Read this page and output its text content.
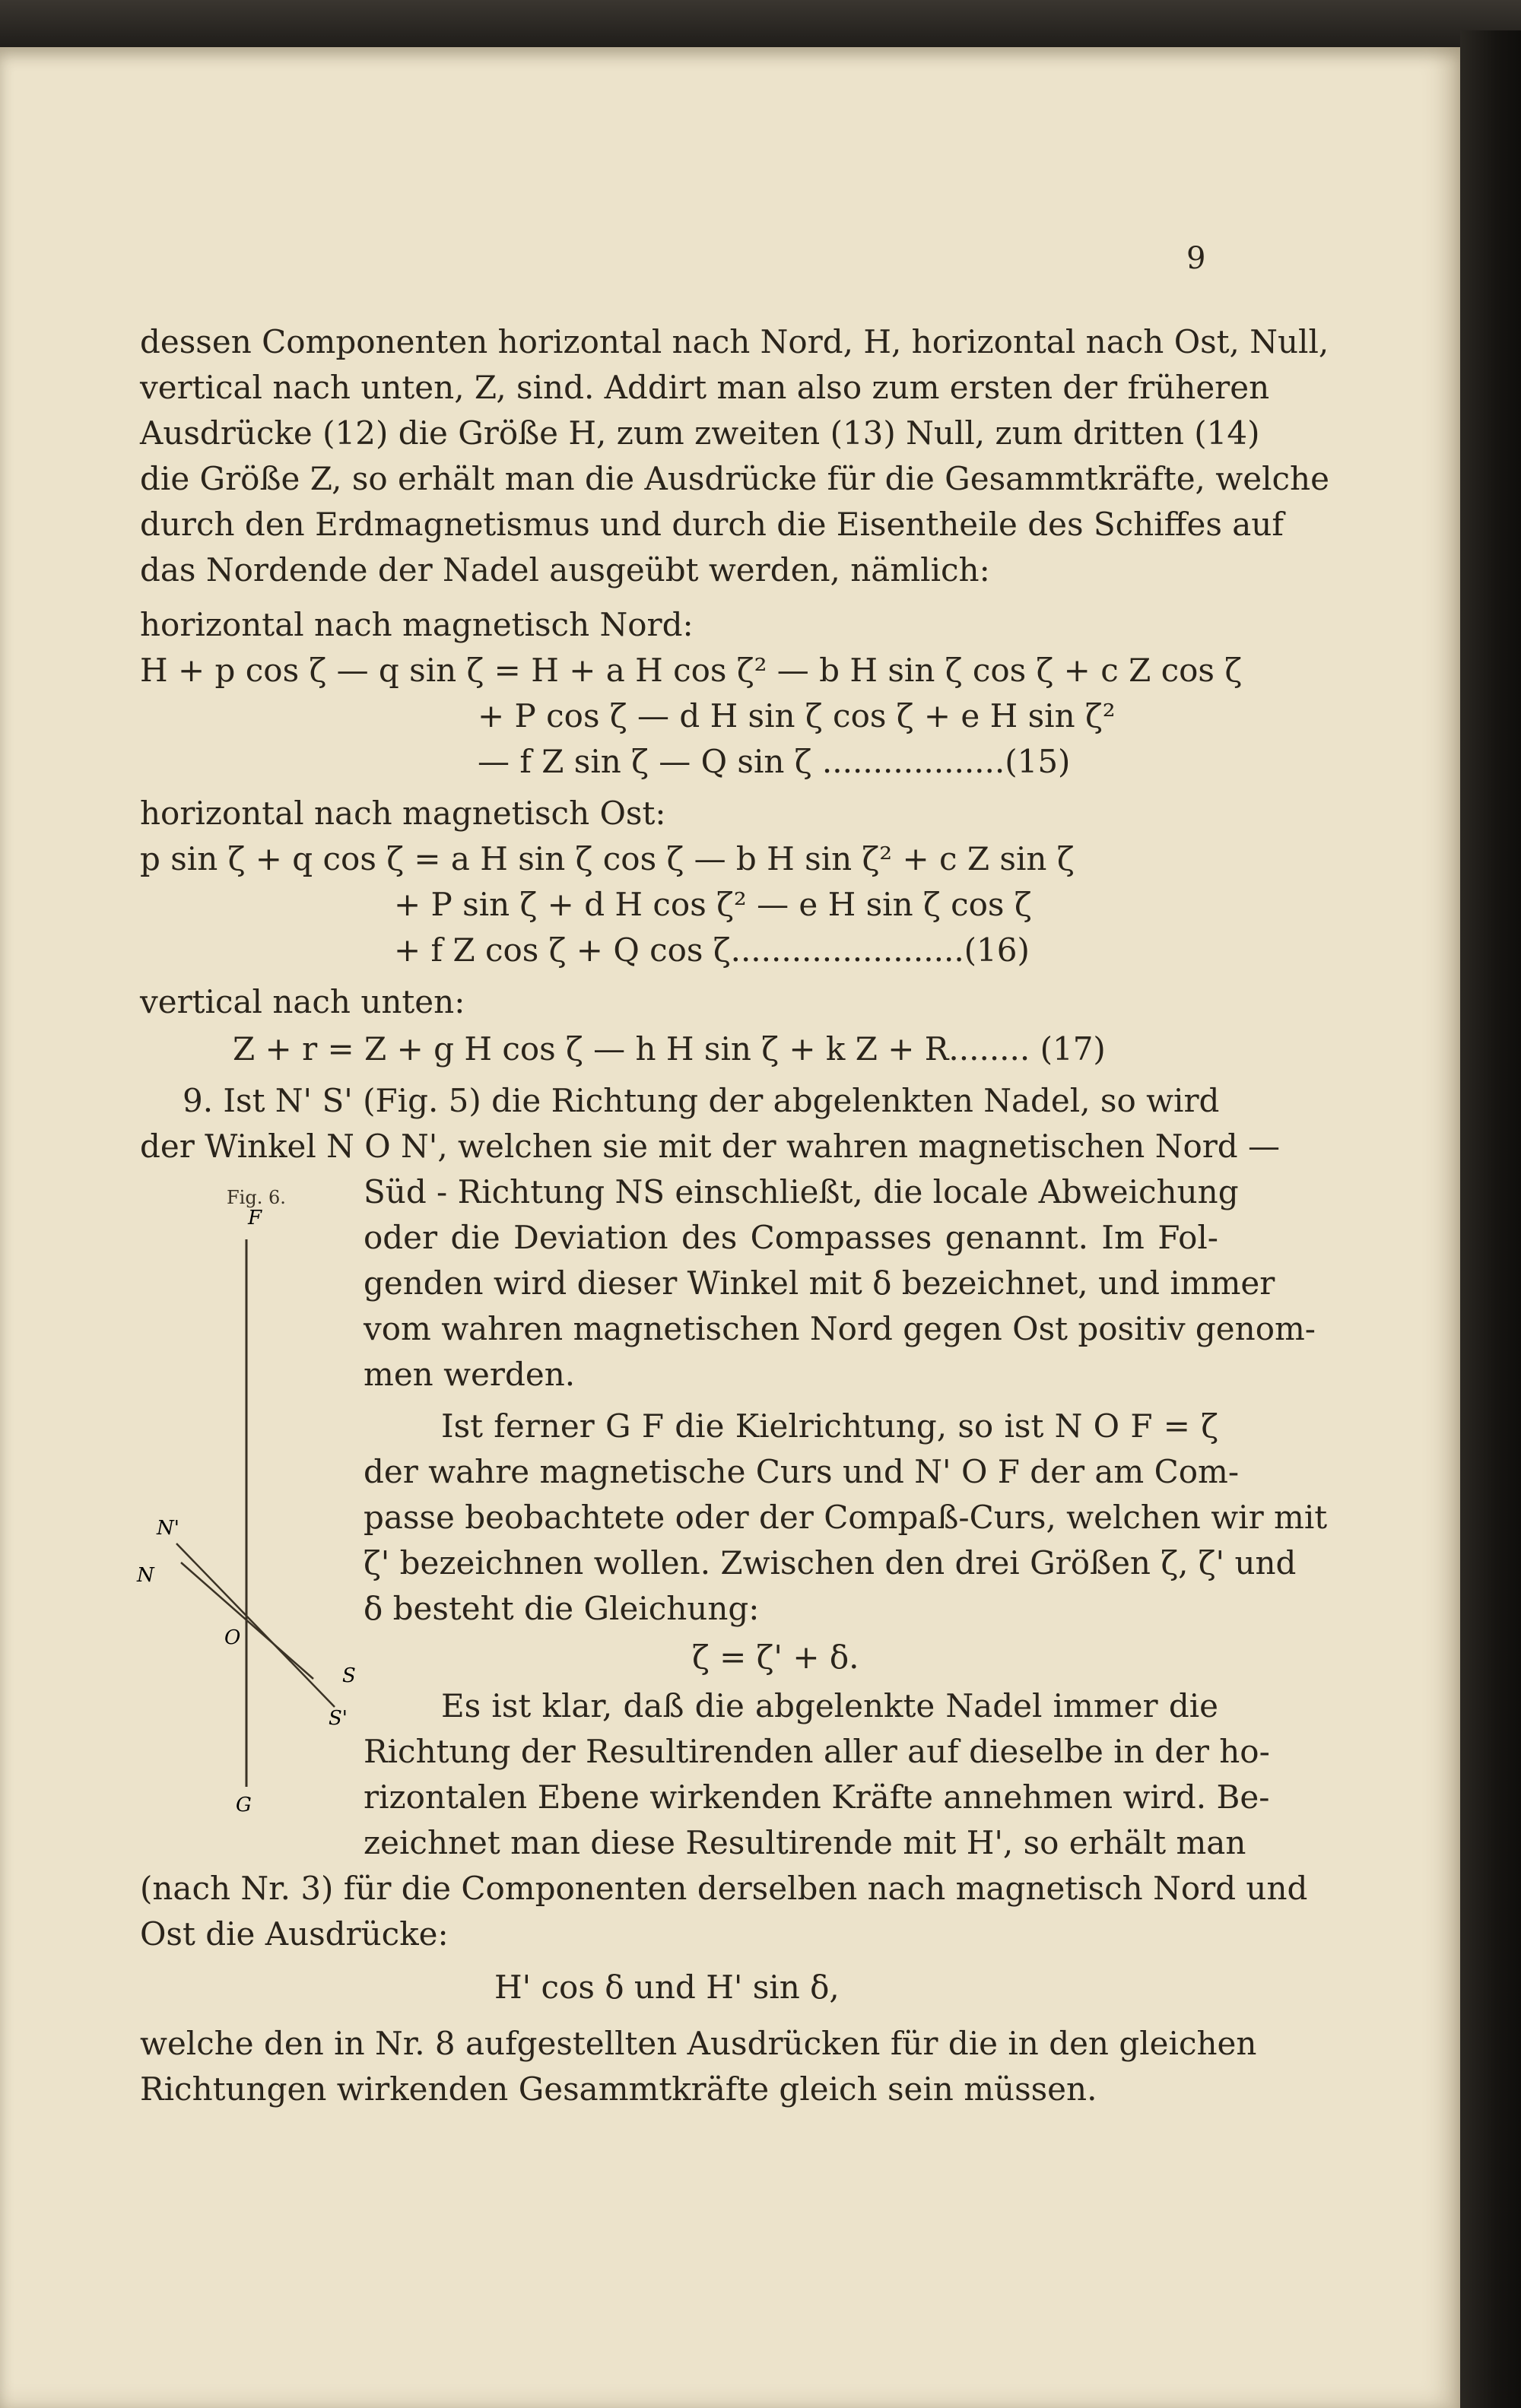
9
dessen Componenten horizontal nach Nord, H, horizontal nach Ost, Null,
vertical nach unten, Z, sind. Addirt man also zum ersten der früheren
Ausdrücke (12) die Größe H, zum zweiten (13) Null, zum dritten (14)
die Größe Z, so erhält man die Ausdrücke für die Gesammtkräfte, welche
durch den Erdmagnetismus und durch die Eisentheile des Schiffes auf
das Nordende der Nadel ausgeübt werden, nämlich:
horizontal nach magnetisch Nord:
H + p cos ζ — q sin ζ = H + a H cos ζ² — b H sin ζ cos ζ + c Z cos ζ
+ P cos ζ — d H sin ζ cos ζ + e H sin ζ²
— f Z sin ζ — Q sin ζ ..................(15)
horizontal nach magnetisch Ost:
p sin ζ + q cos ζ = a H sin ζ cos ζ — b H sin ζ² + c Z sin ζ
+ P sin ζ + d H cos ζ² — e H sin ζ cos ζ
+ f Z cos ζ + Q cos ζ.......................(16)
vertical nach unten:
Z + r = Z + g H cos ζ — h H sin ζ + k Z + R........ (17)
9. Ist N' S' (Fig. 5) die Richtung der abgelenkten Nadel, so wird
der Winkel N O N', welchen sie mit der wahren magnetischen Nord —
Süd - Richtung NS einschließt, die locale Abweichung
oder die Deviation des Compasses genannt. Im Fol-
genden wird dieser Winkel mit δ bezeichnet, und immer
vom wahren magnetischen Nord gegen Ost positiv genom-
men werden.
Ist ferner G F die Kielrichtung, so ist N O F = ζ
der wahre magnetische Curs und N' O F der am Com-
passe beobachtete oder der Compaß-Curs, welchen wir mit
ζ' bezeichnen wollen. Zwischen den drei Größen ζ, ζ' und
δ besteht die Gleichung:
ζ = ζ' + δ.
Es ist klar, daß die abgelenkte Nadel immer die
Richtung der Resultirenden aller auf dieselbe in der ho-
rizontalen Ebene wirkenden Kräfte annehmen wird. Be-
zeichnet man diese Resultirende mit H', so erhält man
(nach Nr. 3) für die Componenten derselben nach magnetisch Nord und
Ost die Ausdrücke:
H' cos δ und H' sin δ,
welche den in Nr. 8 aufgestellten Ausdrücken für die in den gleichen
Richtungen wirkenden Gesammtkräfte gleich sein müssen.
Fig. 6.
F
N'
N
O
S
S'
G
